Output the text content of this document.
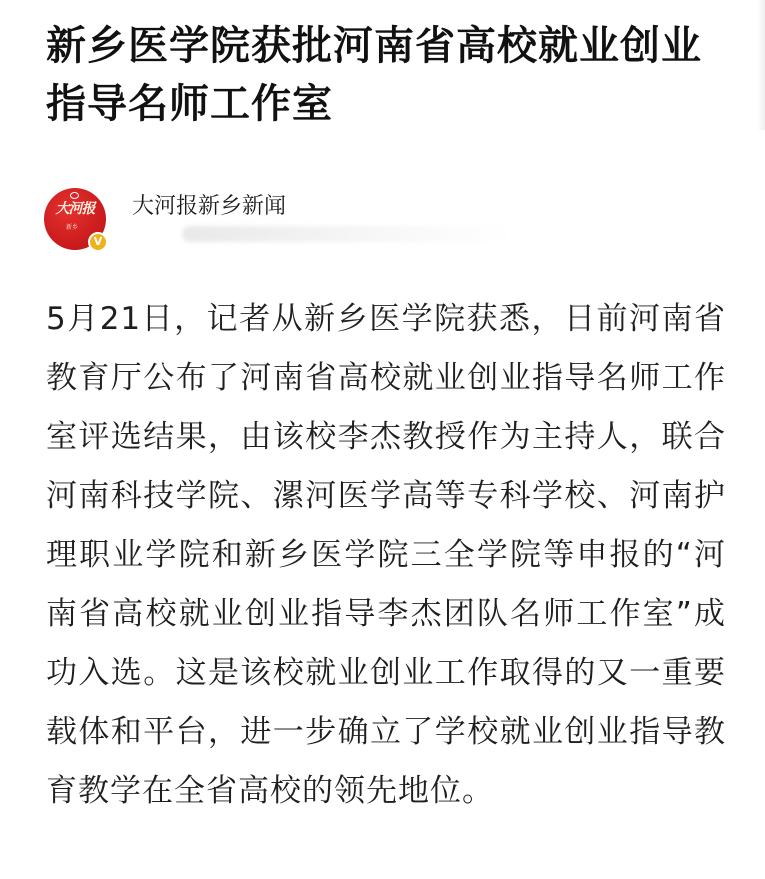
新乡医学院获批河南省高校就业创业指导名师工作室
大河报
新乡
V
大河报新乡新闻

5月21日，记者从新乡医学院获悉，日前河南省教育厅公布了河南省高校就业创业指导名师工作室评选结果，由该校李杰教授作为主持人，联合河南科技学院、漯河医学高等专科学校、河南护理职业学院和新乡医学院三全学院等申报的“河南省高校就业创业指导李杰团队名师工作室”成功入选。这是该校就业创业工作取得的又一重要载体和平台，进一步确立了学校就业创业指导教育教学在全省高校的领先地位。
